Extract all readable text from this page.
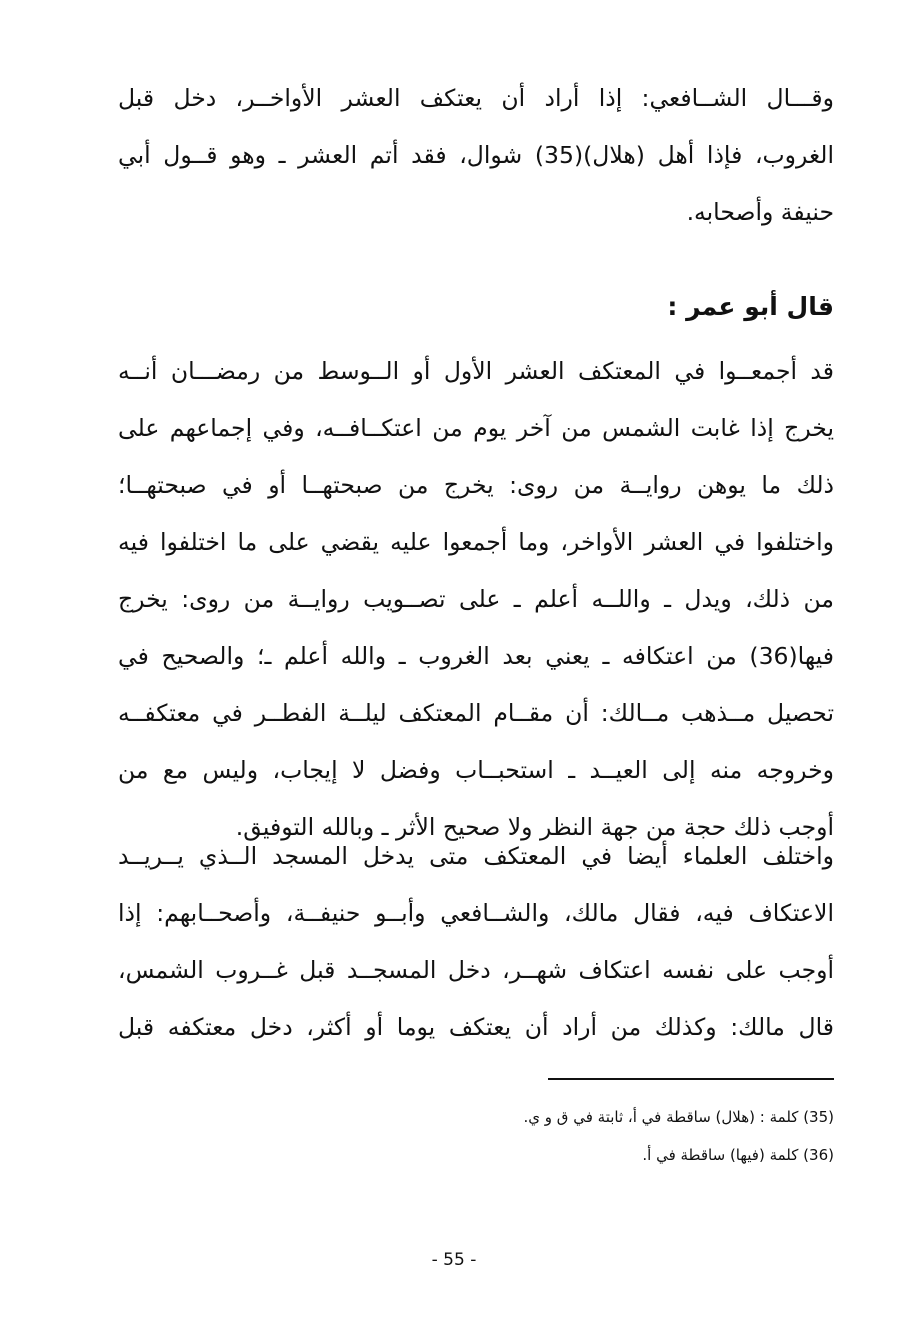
وقـــال الشــافعي: إذا أراد أن يعتكف العشر الأواخــر، دخل قبل

الغروب، فإذا أهل (هلال)(35) شوال، فقد أتم العشر ـ وهو قــول أبي

حنيفة وأصحابه.

قال أبو عمر :

قد أجمعــوا في المعتكف العشر الأول أو الــوسط من رمضـــان أنــه

يخرج إذا غابت الشمس من آخر يوم من اعتكــافــه، وفي إجماعهم على

ذلك ما يوهن روايــة من روى: يخرج من صبحتهــا أو في صبحتهــا؛

واختلفوا في العشر الأواخر، وما أجمعوا عليه يقضي على ما اختلفوا فيه

من ذلك، ويدل ـ واللــه أعلم ـ على تصــويب روايــة من روى: يخرج

فيها(36) من اعتكافه ـ يعني بعد الغروب ـ والله أعلم ـ؛ والصحيح في

تحصيل مــذهب مــالك: أن مقــام المعتكف ليلــة الفطــر في معتكفــه

وخروجه منه إلى العيــد ـ استحبــاب وفضل لا إيجاب، وليس مع من

أوجب ذلك حجة من جهة النظر ولا صحيح الأثر ـ وبالله التوفيق.

واختلف العلماء أيضا في المعتكف متى يدخل المسجد الــذي يــريــد

الاعتكاف فيه، فقال مالك، والشــافعي وأبــو حنيفــة، وأصحــابهم: إذا

أوجب على نفسه اعتكاف شهــر، دخل المسجــد قبل غــروب الشمس،

قال مالك: وكذلك من أراد أن يعتكف يوما أو أكثر، دخل معتكفه قبل

(35) كلمة : (هلال) ساقطة في أ، ثابتة في ق و ي.
(36) كلمة (فيها) ساقطة في أ.
- 55 -
